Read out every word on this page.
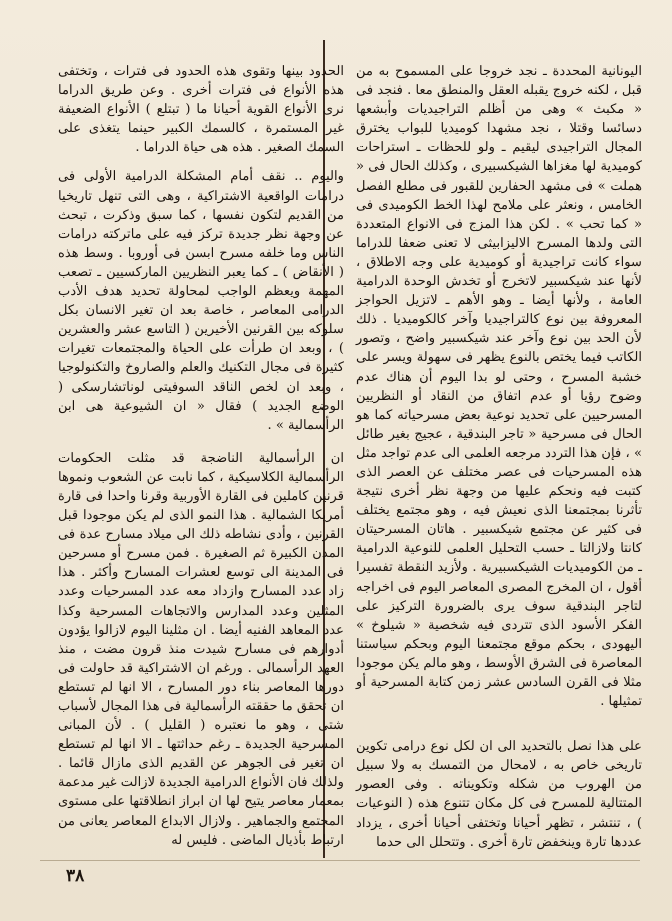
اليونانية المحددة ـ نجد خروجا على المسموح به من قبل ، لكنه خروج يقبله العقل والمنطق معا . فنجد فى « مكبث » وهى من أظلم التراجيديات وأبشعها دسائسا وقتلا ، نجد مشهدا كوميديا للبواب يخترق المجال التراجيدى ليقيم ـ ولو للحظات ـ استراحات كوميدية لها مغزاها الشيكسبيرى ، وكذلك الحال فى « هملت » فى مشهد الحفارين للقبور فى مطلع الفصل الخامس ، ونعثر على ملامح لهذا الخط الكوميدى فى « كما تحب » . لكن هذا المزج فى الانواع المتعددة التى ولدها المسرح الاليزابيثى لا تعنى ضعفا للدراما سواء كانت تراجيدية أو كوميدية على وجه الاطلاق ، لأنها عند شيكسبير لاتخرج أو تخدش الوحدة الدرامية العامة ، ولأنها أيضا ـ وهو الأهم ـ لاتزيل الحواجز المعروفة بين نوع كالتراجيديا وآخر كالكوميديا . ذلك لأن الحد بين نوع وآخر عند شيكسبير واضح ، وتصور الكاتب فيما يختص بالنوع يظهر فى سهولة ويسر على خشبة المسرح ، وحتى لو بدا اليوم أن هناك عدم وضوح رؤيا أو عدم اتفاق من النقاد أو النظريين المسرحيين على تحديد نوعية بعض مسرحياته كما هو الحال فى مسرحية « تاجر البندقية ، عجيج بغير طائل » ، فإن هذا التردد مرجعه العلمى الى عدم تواجد مثل هذه المسرحيات فى عصر مختلف عن العصر الذى كتبت فيه ونحكم عليها من وجهة نظر أخرى نتيجة تأثرنا بمجتمعنا الذى نعيش فيه ، وهو مجتمع يختلف فى كثير عن مجتمع شيكسبير . هاتان المسرحيتان كانتا ولازالتا ـ حسب التحليل العلمى للنوعية الدرامية ـ من الكوميديات الشيكسبيرية . ولأزيد النقطة تفسيرا أقول ، ان المخرج المصرى المعاصر اليوم فى اخراجه لتاجر البندقية سوف يرى بالضرورة التركيز على الفكر الأسود الذى تتردى فيه شخصية « شيلوخ » اليهودى ، بحكم موقع مجتمعنا اليوم وبحكم سياستنا المعاصرة فى الشرق الأوسط ، وهو مالم يكن موجودا مثلا فى القرن السادس عشر زمن كتابة المسرحية أو تمثيلها .

على هذا نصل بالتحديد الى ان لكل نوع درامى تكوين تاريخى خاص به ، لامحال من التمسك به ولا سبيل من الهروب من شكله وتكويناته . وفى العصور المتتالية للمسرح فى كل مكان تتنوع هذه ( النوعيات ) ، تنتشر ، تظهر أحيانا وتختفى أحيانا أخرى ، يزداد عددها تارة وينخفض تارة أخرى . وتتحلل الى حدما

الحدود بينها وتقوى هذه الحدود فى فترات ، وتختفى هذه الأنواع فى فترات أخرى . وعن طريق الدراما نرى الأنواع القوية أحيانا ما ( تبتلع ) الأنواع الضعيفة غير المستمرة ، كالسمك الكبير حينما يتغذى على السمك الصغير . هذه هى حياة الدراما .

واليوم .. نقف أمام المشكلة الدرامية الأولى فى درامات الواقعية الاشتراكية ، وهى التى تنهل تاريخيا من القديم لتكون نفسها ، كما سبق وذكرت ، تبحث عن وجهة نظر جديدة تركز فيه على ماتركته درامات الناس وما خلفه مسرح ابسن فى أوروبا . وسط هذه ( الأنقاض ) ـ كما يعبر النظريين الماركسيين ـ تصعب المهمة ويعظم الواجب لمحاولة تحديد هدف الأدب الدرامى المعاصر ، خاصة بعد ان تغير الانسان بكل سلوكه بين القرنين الأخيرين ( التاسع عشر والعشرين ) ، وبعد ان طرأت على الحياة والمجتمعات تغيرات كثيرة فى مجال التكنيك والعلم والصاروخ والتكنولوجيا ، وبعد ان لخص الناقد السوفيتى لوناتشارسكى ( الوضع الجديد ) فقال « ان الشيوعية هى ابن الرأسمالية » .

ان الرأسمالية الناضجة قد مثلت الحكومات الرأسمالية الكلاسيكية ، كما نابت عن الشعوب ونموها قرنين كاملين فى القارة الأوربية وقرنا واحدا فى قارة أمريكا الشمالية . هذا النمو الذى لم يكن موجودا قبل القرنين ، وأدى نشاطه ذلك الى ميلاد مسارح عدة فى المدن الكبيرة ثم الصغيرة . فمن مسرح أو مسرحين فى المدينة الى توسع لعشرات المسارح وأكثر . هذا زاد عدد المسارح وازداد معه عدد المسرحيات وعدد المثلين وعدد المدارس والاتجاهات المسرحية وكذا عدد المعاهد الفنيه أيضا . ان مثلينا اليوم لازالوا يؤدون أدوارهم فى مسارح شيدت منذ قرون مضت ، منذ العهد الرأسمالى . ورغم ان الاشتراكية قد حاولت فى دورها المعاصر بناء دور المسارح ، الا انها لم تستطع ان تحقق ما حققته الرأسمالية فى هذا المجال لأسباب شتى ، وهو ما نعتبره ( القليل ) . لأن المبانى المسرحية الجديدة ـ رغم حداثتها ـ الا انها لم تستطع ان تغير فى الجوهر عن القديم الذى مازال قائما . ولذلك فان الأنواع الدرامية الجديدة لازالت غير مدعمة بمعمار معاصر يتيح لها ان ابراز انطلاقتها على مستوى المجتمع والجماهير . ولازال الابداع المعاصر يعانى من ارتباط بأذيال الماضى . فليس له

٣٨
